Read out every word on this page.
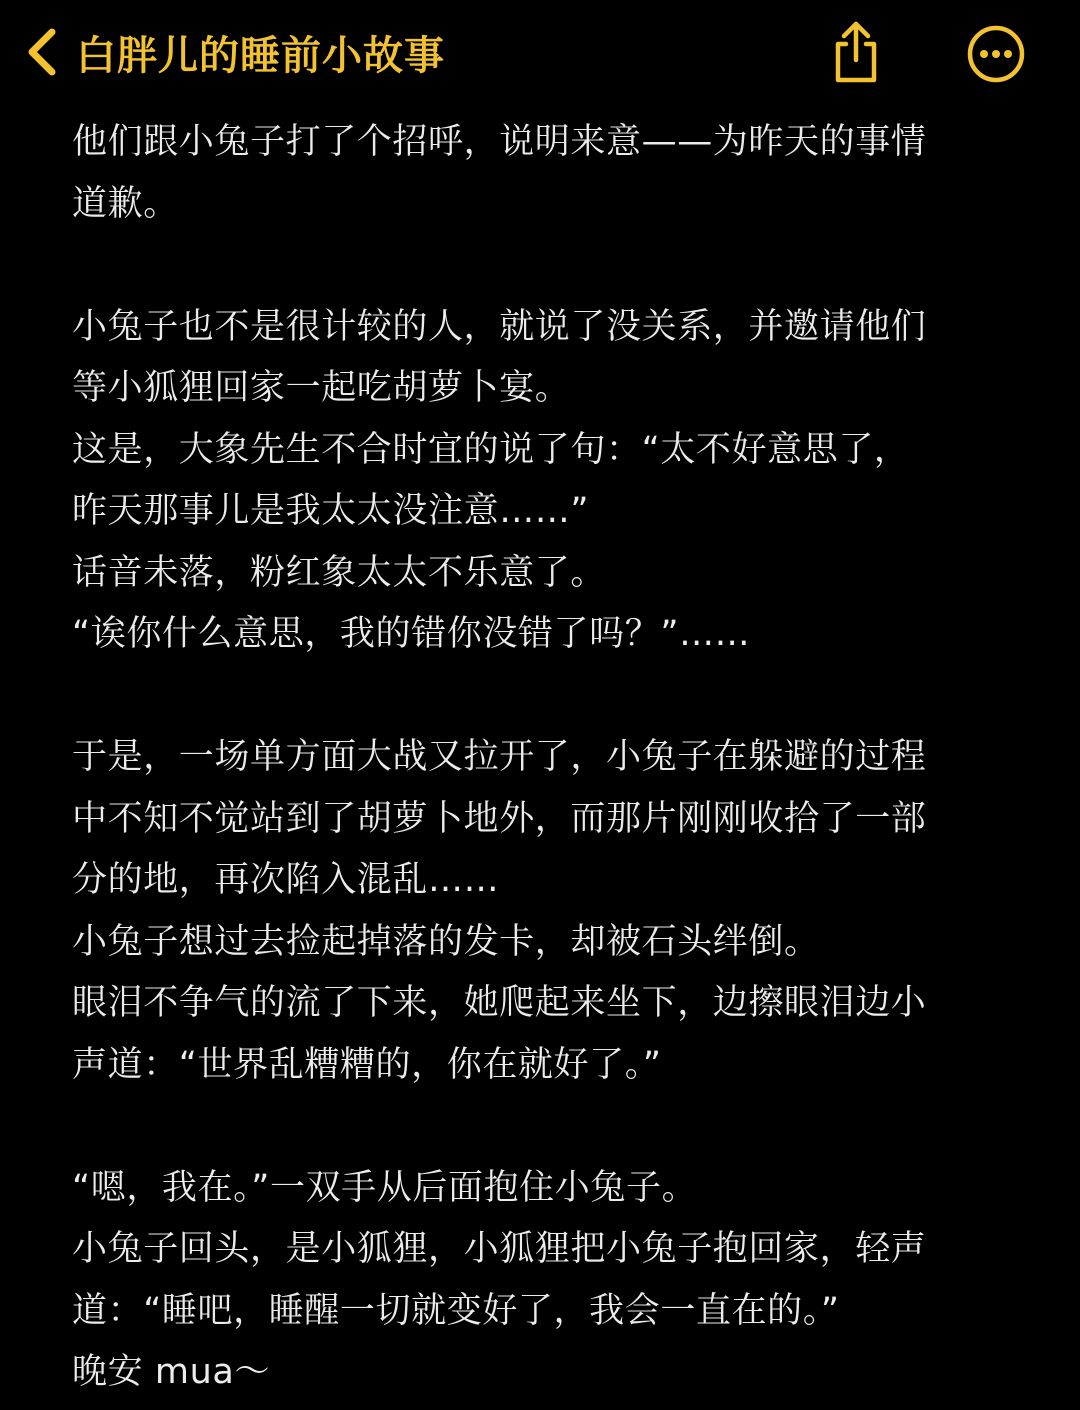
白胖儿的睡前小故事
他们跟小兔子打了个招呼，说明来意——为昨天的事情
道歉。
小兔子也不是很计较的人，就说了没关系，并邀请他们
等小狐狸回家一起吃胡萝卜宴。
这是，大象先生不合时宜的说了句：“太不好意思了，
昨天那事儿是我太太没注意……”
话音未落，粉红象太太不乐意了。
“诶你什么意思，我的错你没错了吗？”……
于是，一场单方面大战又拉开了，小兔子在躲避的过程
中不知不觉站到了胡萝卜地外，而那片刚刚收拾了一部
分的地，再次陷入混乱……
小兔子想过去捡起掉落的发卡，却被石头绊倒。
眼泪不争气的流了下来，她爬起来坐下，边擦眼泪边小
声道：“世界乱糟糟的，你在就好了。”
“嗯，我在。”一双手从后面抱住小兔子。
小兔子回头，是小狐狸，小狐狸把小兔子抱回家，轻声
道：“睡吧，睡醒一切就变好了，我会一直在的。”
晚安 mua～
